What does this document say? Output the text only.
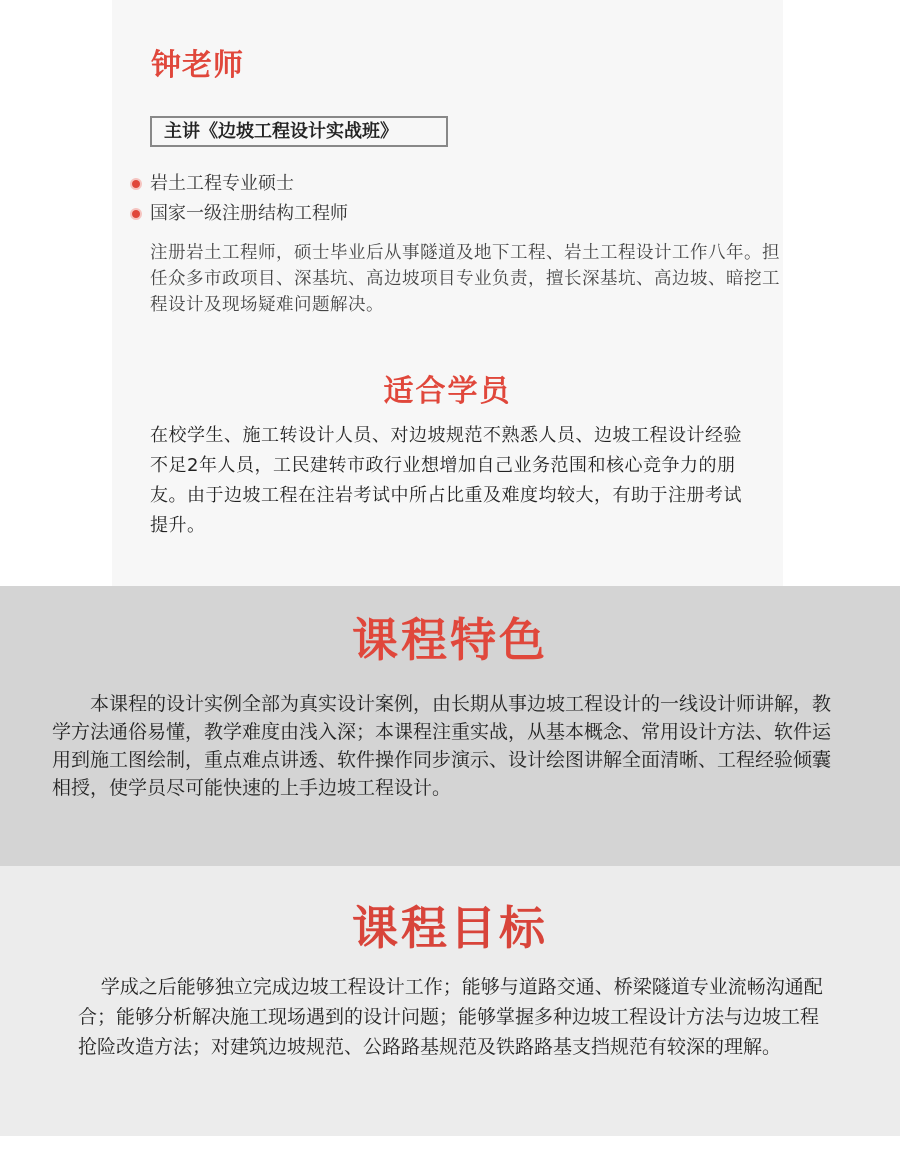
钟老师
主讲《边坡工程设计实战班》
岩土工程专业硕士
国家一级注册结构工程师

注册岩土工程师，硕士毕业后从事隧道及地下工程、岩土工程设计工作八年。担任众多市政项目、深基坑、高边坡项目专业负责，擅长深基坑、高边坡、暗挖工程设计及现场疑难问题解决。

适合学员

在校学生、施工转设计人员、对边坡规范不熟悉人员、边坡工程设计经验不足2年人员，工民建转市政行业想增加自己业务范围和核心竞争力的朋友。由于边坡工程在注岩考试中所占比重及难度均较大，有助于注册考试提升。

课程特色

本课程的设计实例全部为真实设计案例，由长期从事边坡工程设计的一线设计师讲解，教学方法通俗易懂，教学难度由浅入深；本课程注重实战，从基本概念、常用设计方法、软件运用到施工图绘制，重点难点讲透、软件操作同步演示、设计绘图讲解全面清晰、工程经验倾囊相授，使学员尽可能快速的上手边坡工程设计。

课程目标

学成之后能够独立完成边坡工程设计工作；能够与道路交通、桥梁隧道专业流畅沟通配合；能够分析解决施工现场遇到的设计问题；能够掌握多种边坡工程设计方法与边坡工程抢险改造方法；对建筑边坡规范、公路路基规范及铁路路基支挡规范有较深的理解。
